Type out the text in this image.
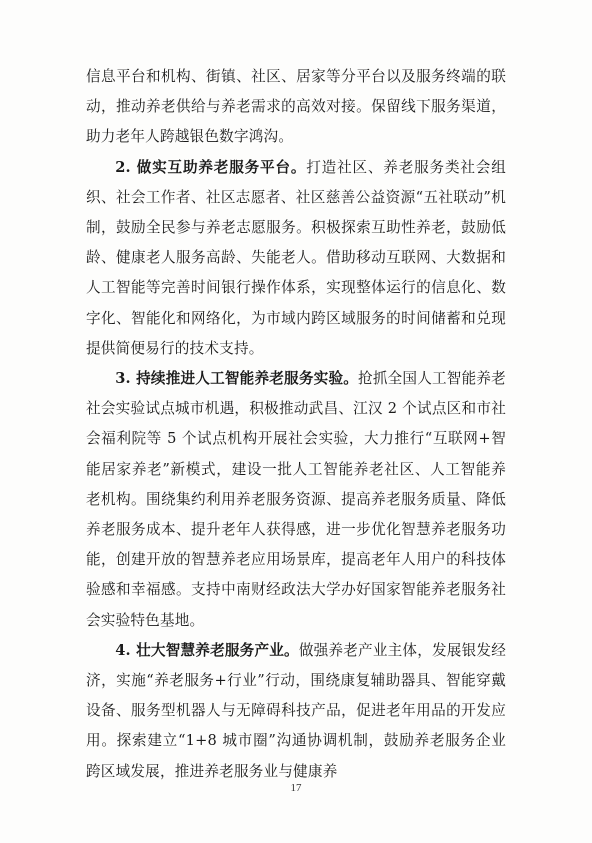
信息平台和机构、街镇、社区、居家等分平台以及服务终端的联动，推动养老供给与养老需求的高效对接。保留线下服务渠道，助力老年人跨越银色数字鸿沟。

2. 做实互助养老服务平台。打造社区、养老服务类社会组织、社会工作者、社区志愿者、社区慈善公益资源“五社联动”机制，鼓励全民参与养老志愿服务。积极探索互助性养老，鼓励低龄、健康老人服务高龄、失能老人。借助移动互联网、大数据和人工智能等完善时间银行操作体系，实现整体运行的信息化、数字化、智能化和网络化，为市域内跨区域服务的时间储蓄和兑现提供简便易行的技术支持。

3. 持续推进人工智能养老服务实验。抢抓全国人工智能养老社会实验试点城市机遇，积极推动武昌、江汉 2 个试点区和市社会福利院等 5 个试点机构开展社会实验，大力推行“互联网+智能居家养老”新模式，建设一批人工智能养老社区、人工智能养老机构。围绕集约利用养老服务资源、提高养老服务质量、降低养老服务成本、提升老年人获得感，进一步优化智慧养老服务功能，创建开放的智慧养老应用场景库，提高老年人用户的科技体验感和幸福感。支持中南财经政法大学办好国家智能养老服务社会实验特色基地。

4. 壮大智慧养老服务产业。做强养老产业主体，发展银发经济，实施“养老服务+行业”行动，围绕康复辅助器具、智能穿戴设备、服务型机器人与无障碍科技产品，促进老年用品的开发应用。探索建立“1+8 城市圈”沟通协调机制，鼓励养老服务企业跨区域发展，推进养老服务业与健康养

17
